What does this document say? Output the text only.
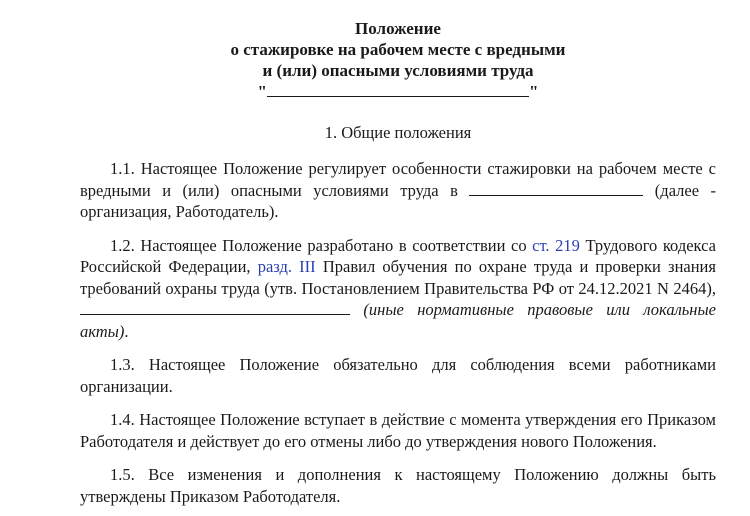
Положение
о стажировке на рабочем месте с вредными
и (или) опасными условиями труда
"	"
1. Общие положения

1.1. Настоящее Положение регулирует особенности стажировки на рабочем месте с вредными и (или) опасными условиями труда в	(далее - организация, Работодатель).

1.2. Настоящее Положение разработано в соответствии со ст. 219 Трудового кодекса Российской Федерации, разд. III Правил обучения по охране труда и проверки знания требований охраны труда (утв. Постановлением Правительства РФ от 24.12.2021 N 2464),  (иные нормативные правовые или локальные акты).

1.3. Настоящее Положение обязательно для соблюдения всеми работниками организации.

1.4. Настоящее Положение вступает в действие с момента утверждения его Приказом Работодателя и действует до его отмены либо до утверждения нового Положения.

1.5. Все изменения и дополнения к настоящему Положению должны быть утверждены Приказом Работодателя.
